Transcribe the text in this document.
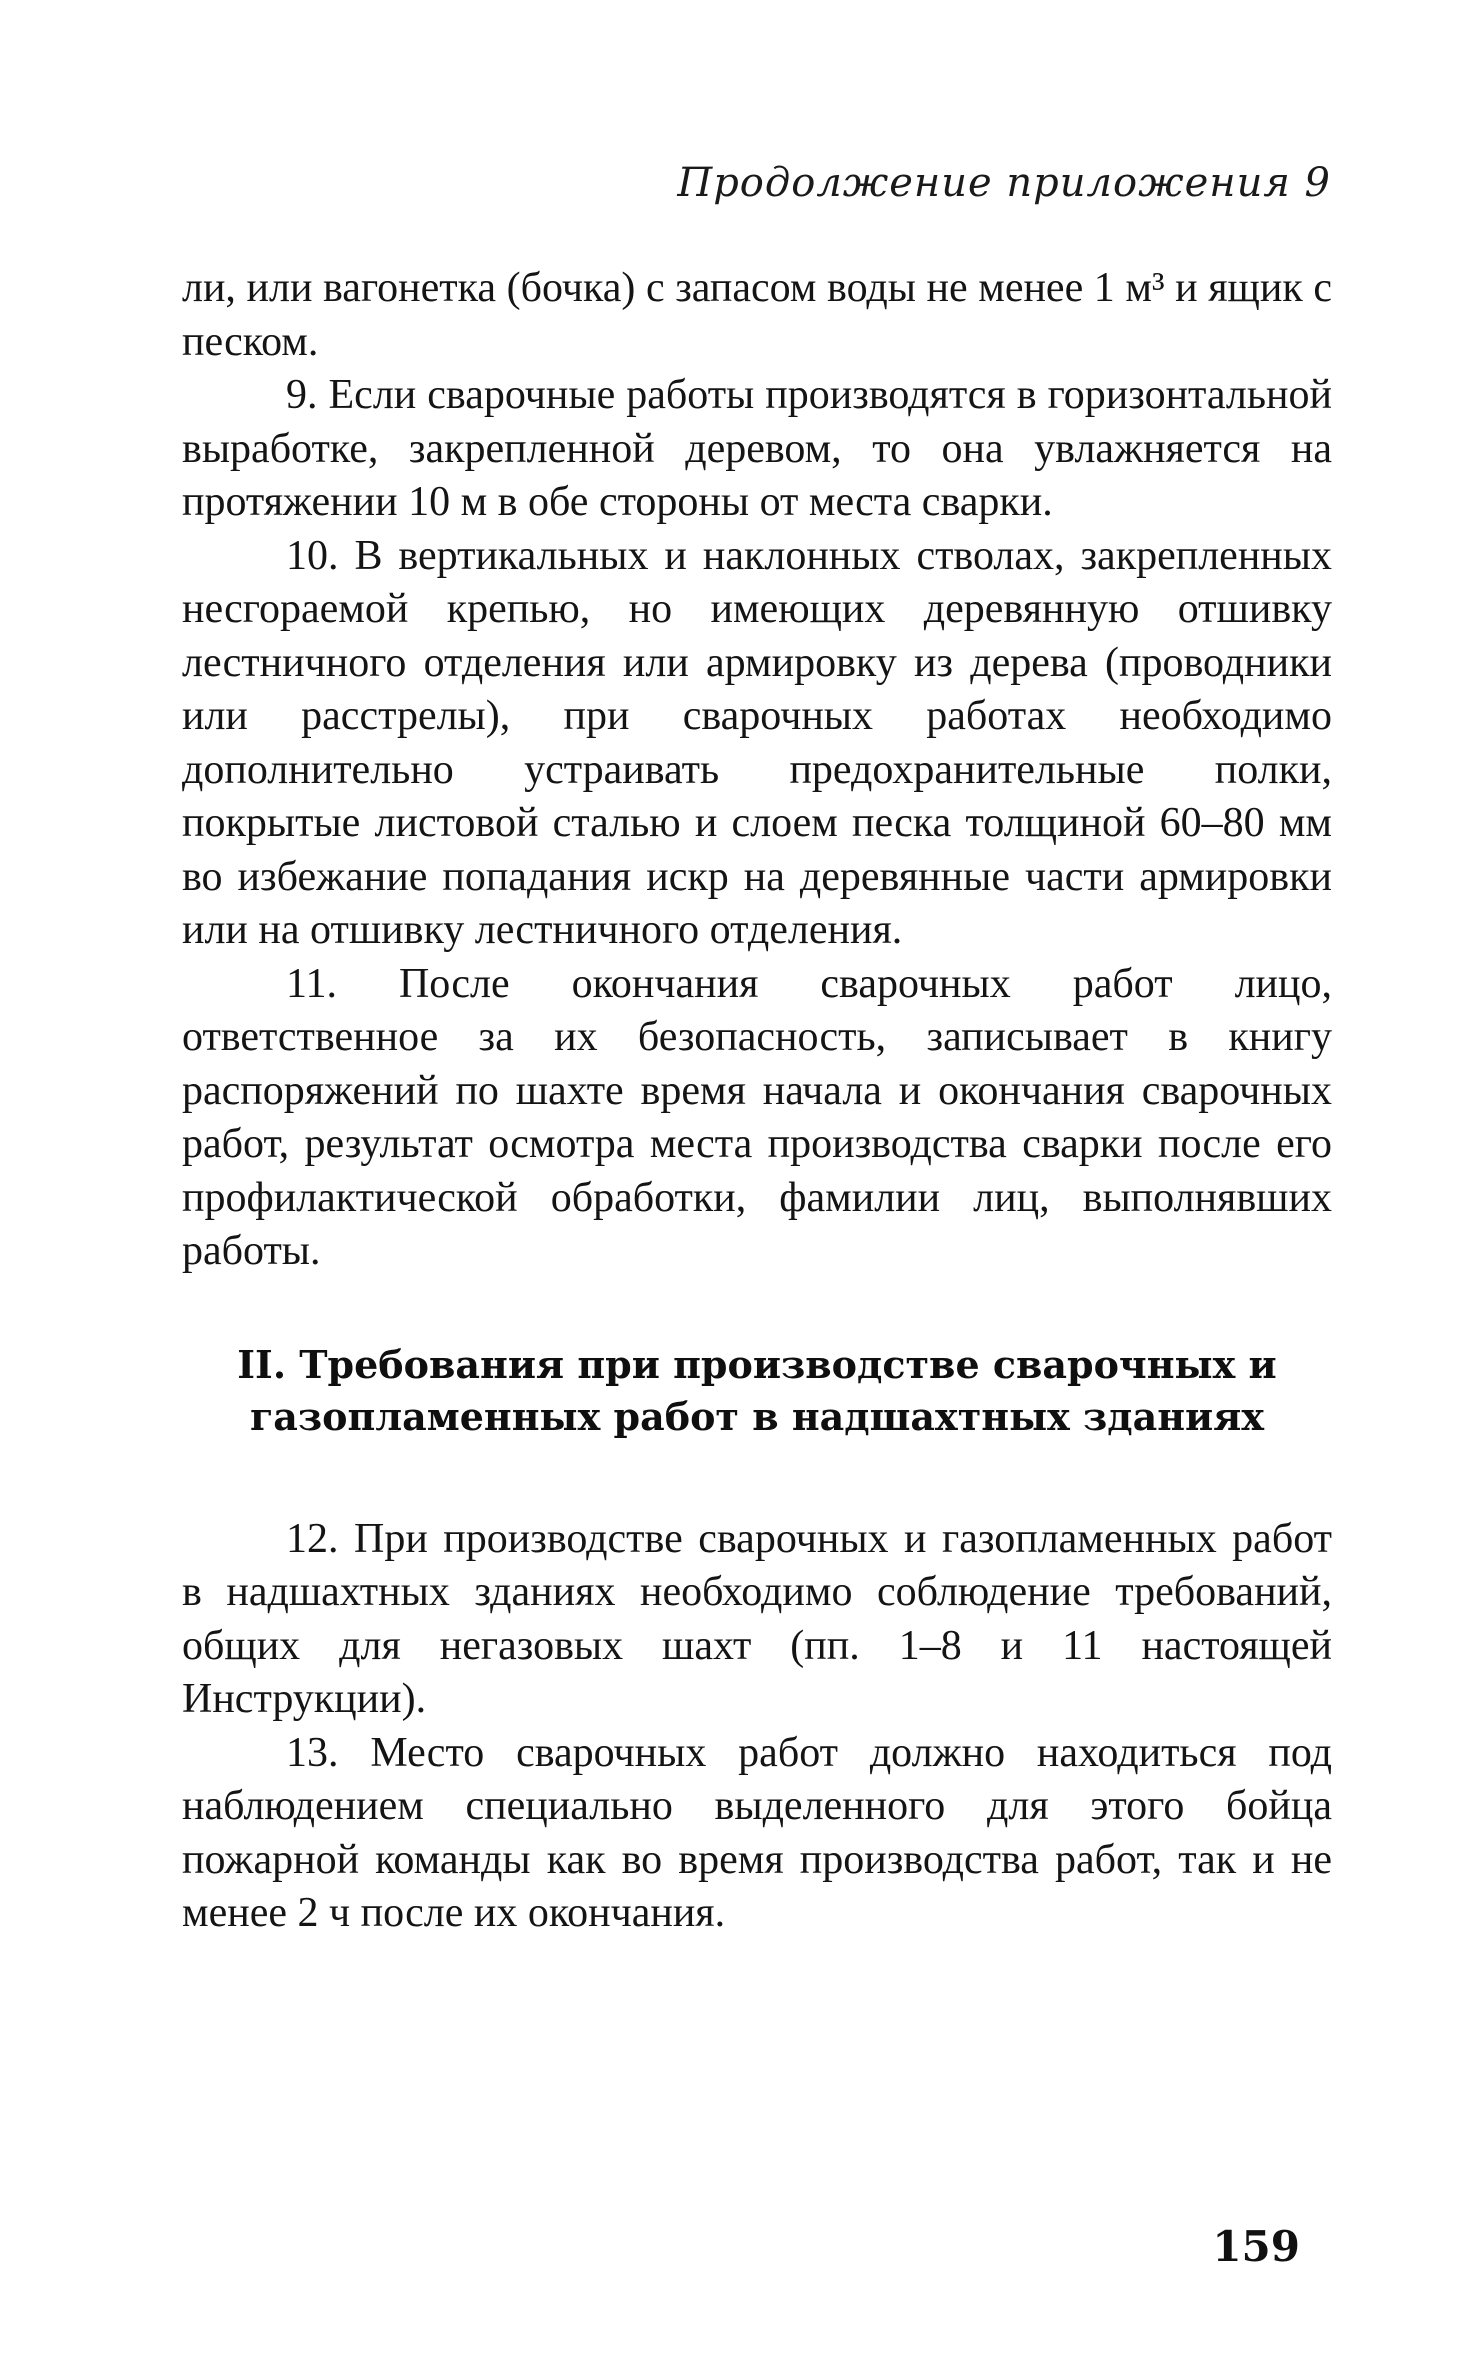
Продолжение приложения 9

ли, или вагонетка (бочка) с запасом воды не менее 1 м³ и ящик с песком.

9. Если сварочные работы производятся в горизонтальной выработке, закрепленной деревом, то она увлажняется на протяжении 10 м в обе стороны от места сварки.

10. В вертикальных и наклонных стволах, закрепленных несгораемой крепью, но имеющих деревянную отшивку лестничного отделения или армировку из дерева (проводники или расстрелы), при сварочных работах необходимо дополнительно устраивать предохранительные полки, покрытые листовой сталью и слоем песка толщиной 60–80 мм во избежание попадания искр на деревянные части армировки или на отшивку лестничного отделения.

11. После окончания сварочных работ лицо, ответственное за их безопасность, записывает в книгу распоряжений по шахте время начала и окончания сварочных работ, результат осмотра места производства сварки после его профилактической обработки, фамилии лиц, выполнявших работы.

II. Требования при производстве сварочных и
газопламенных работ в надшахтных зданиях

12. При производстве сварочных и газопламенных работ в надшахтных зданиях необходимо соблюдение требований, общих для негазовых шахт (пп. 1–8 и 11 настоящей Инструкции).

13. Место сварочных работ должно находиться под наблюдением специально выделенного для этого бойца пожарной команды как во время производства работ, так и не менее 2 ч после их окончания.

159
